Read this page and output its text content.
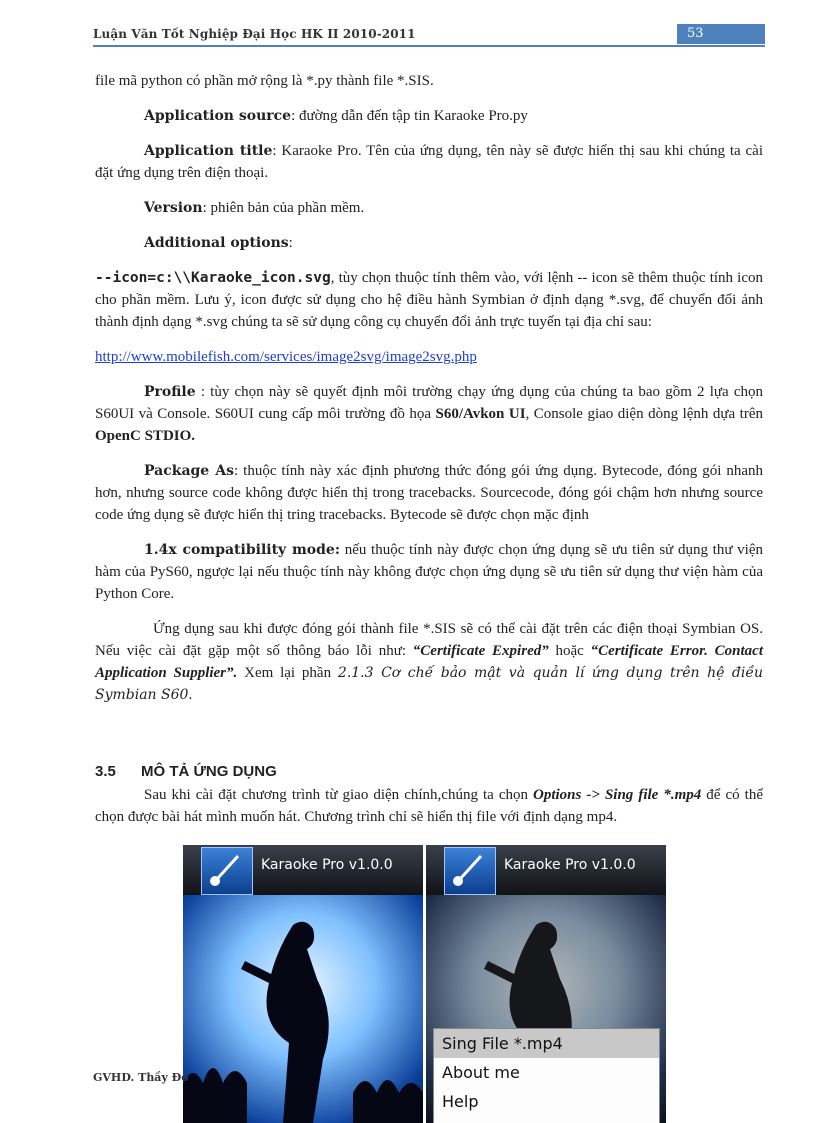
Luận Văn Tốt Nghiệp Đại Học HK II 2010-2011	53

file mã python có phần mở rộng là *.py thành file *.SIS.

Application source: đường dẫn đến tập tin Karaoke Pro.py

Application title: Karaoke Pro. Tên của ứng dụng, tên này sẽ được hiển thị sau khi chúng ta cài đặt ứng dụng trên điện thoại.

Version: phiên bản của phần mềm.

Additional options:

--icon=c:\\Karaoke_icon.svg, tùy chọn thuộc tính thêm vào, với lệnh -- icon sẽ thêm thuộc tính icon cho phần mềm. Lưu ý, icon được sử dụng cho hệ điều hành Symbian ở định dạng *.svg, để chuyển đổi ảnh thành định dạng *.svg chúng ta sẽ sử dụng công cụ chuyển đổi ảnh trực tuyến tại địa chỉ sau:

http://www.mobilefish.com/services/image2svg/image2svg.php

Profile : tùy chọn này sẽ quyết định môi trường chạy ứng dụng của chúng ta bao gồm 2 lựa chọn S60UI và Console. S60UI cung cấp môi trường đồ họa S60/Avkon UI, Console giao diện dòng lệnh dựa trên OpenC STDIO.

Package As: thuộc tính này xác định phương thức đóng gói ứng dụng. Bytecode, đóng gói nhanh hơn, nhưng source code không được hiển thị trong tracebacks. Sourcecode, đóng gói chậm hơn nhưng source code ứng dụng sẽ được hiển thị tring tracebacks. Bytecode sẽ được chọn mặc định

1.4x compatibility mode: nếu thuộc tính này được chọn ứng dụng sẽ ưu tiên sử dụng thư viện hàm của PyS60, ngược lại nếu thuộc tính này không được chọn ứng dụng sẽ ưu tiên sử dụng thư viện hàm của Python Core.

Ứng dụng sau khi được đóng gói thành file *.SIS sẽ có thể cài đặt trên các điện thoại Symbian OS. Nếu việc cài đặt gặp một số thông báo lỗi như: “Certificate Expired” hoặc “Certificate Error. Contact Application Supplier”. Xem lại phần 2.1.3 Cơ chế bảo mật và quản lí ứng dụng trên hệ điều Symbian S60.

3.5 MÔ TẢ ỨNG DỤNG

Sau khi cài đặt chương trình từ giao diện chính,chúng ta chọn Options -> Sing file *.mp4 để có thể chọn được bài hát mình muốn hát. Chương trình chỉ sẽ hiển thị file với định dạng mp4.

Karaoke Pro v1.0.0	Karaoke Pro v1.0.0
Sing File *.mp4
About me
Help
GVHD. Thầy Đo
